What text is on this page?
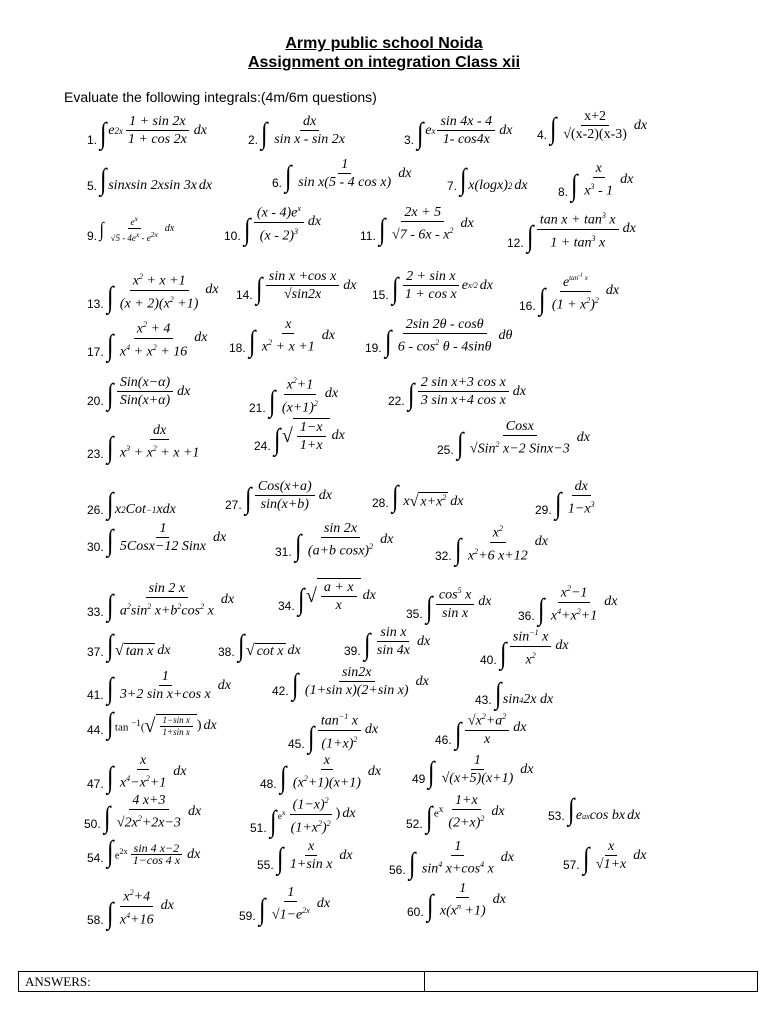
Army public school Noida
Assignment on integration Class xii
Evaluate the following integrals:(4m/6m questions)
1. ∫ e $2x \frac{1 + \sin 2x}{1 + \cos 2x}$ dx
2. ∫ $\frac{dx}{\text{sin x - sin 2x}}$	3. ∫ e x $\frac{\sin 4x - 4}{1- \cos 4x}$ dx 4. ∫ $\frac{x+2}{√(x-2)(x-3)}$ dx
5. ∫ sin x sin 2 x sin 3 x dx	6. ∫ $\frac{1}{\text{sin x(5 - 4 cos x)}}$ dx
7. ∫ x (log x ) 2 dx	8. ∫ $\frac{x}{x^3 - 1}$ dx
9. ∫ $\frac{e^x}{√5 - 4e^x - e^{2x}}$ dx
10. ∫ $\frac{(x - 4)e^x}{(x - 2)^3}$ dx
11. ∫ $\frac{2x + 5}{√7 - 6x - x^2}$ dx
12. ∫ $\frac{\tan x + \tan^3 x}{1 + \tan^3 x}$ dx
13. ∫ $\frac{x^2 + x +1}{(x + 2)(x^2 +1)}$ dx 14. ∫ $\frac{\text{sin x +cos x}}{√\sin 2x}$ dx
15. ∫ $\frac{\text{2 + sin x}}{\text{1 + cos x}}$ e x/2 dx
16. ∫ $\frac{e^{tan^{-1} x}}{(1 + x^2)^2}$ dx
17. ∫ $\frac{x^2 + 4}{x^4 + x^2 + 16}$ dx
18. ∫ $\frac{x}{x^2 + x +1}$ dx
19. ∫ $\frac{2\sin 2\theta - \cos\theta}{6 - \cos^2 \theta - 4\sin\theta}$ dθ
20. ∫ $\frac{\text{Sin(x−α)}}{\text{Sin(x+α)}}$ dx
21. ∫ $\frac{x^2+1}{(x+1)^2}$ dx	22. ∫ $\frac{\text{2 sin x+3 cos x}}{\text{3 sin x+4 cos x}}$ dx
23. ∫ $\frac{dx}{x^3 + x^2 + x +1}$	24. ∫ √ $\frac{1-x}{1+x}$ dx
25. ∫ $\frac{\text{Cosx}}{√Sin^2 x-2 Sinx-3}$ dx
26. ∫ x 2 Cot −1 x dx	27. ∫ $\frac{\text{Cos(x+a)}}{\sin(x+b)}$ dx
28. ∫
x √ $x+x^2$ dx
29. ∫ $\frac{dx}{1-x^3}$
30. ∫ $\frac{1}{\text{5Cosx−12 Sinx}}$ dx
31. ∫ $\frac{\sin 2x}{(a+b \cos x)^2}$ dx
32. ∫ $\frac{x^2}{x^2+6 x+12}$ dx
33. ∫ $\frac{\sin 2 x}{a^2\sin^2 x+b^2\cos^2 x}$ dx	34. ∫ √ $\frac{a + x}{x}$ dx
35. ∫ $\frac{\cos^5 x}{\text{sin x}}$ dx
36. ∫ $\frac{x^2-1}{x^4+x^2+1}$ dx
37. ∫ √ tan x dx	38. ∫ √ cot x dx	39. ∫ $\frac{\text{sin x}}{\sin 4x}$ dx
40. ∫ $\frac{\sin^{-1} x}{x^2}$ dx
41. ∫ $\frac{1}{\text{3+2 sin x+cos x}}$ dx	42. ∫ $\frac{\sin 2x}{\text{(1+sin x)(2+sin x)}}$ dx
43. ∫ sin 4 2 x dx
44. ∫ tan $^{-1}$( √ $\frac{\text{1−sin x}}{\text{1+sin x}}$ ) dx
45. ∫ $\frac{\tan^{-1} x}{(1+x)^2}$ dx
46. ∫ $\frac{√x^2+a^2}{x}$ dx
47. ∫ $\frac{x}{x^4-x^2+1}$ dx
48. ∫ $\frac{x}{(x^2+1)(x+1)}$ dx
49 ∫ $\frac{1}{√(x+5)(x+1)}$ dx
50. ∫ $\frac{4 x+3}{√2x^2+2x-3}$ dx
51. ∫ $e^x \frac{(1-x)^2}{(1+x^2)^2}$ ) dx
52. ∫ $e^x \frac{1+x}{(2+x)^2}$ dx	53. ∫ e ax cos b x dx
54. ∫ $e^{2x} \frac{\sin 4 x-2}{1-\cos 4 x}$ dx
55. ∫ $\frac{x}{\text{1+sin x}}$ dx
56. ∫ $\frac{1}{\sin^4 x+\cos^4 x}$ dx
57. ∫ $\frac{x}{√1+x}$ dx
58. ∫ $\frac{x^2+4}{x^4+16}$ dx
59. ∫ $\frac{1}{√1-e^{2x}}$ dx
60. ∫ $\frac{1}{x(x^n +1)}$ dx
ANSWERS:
